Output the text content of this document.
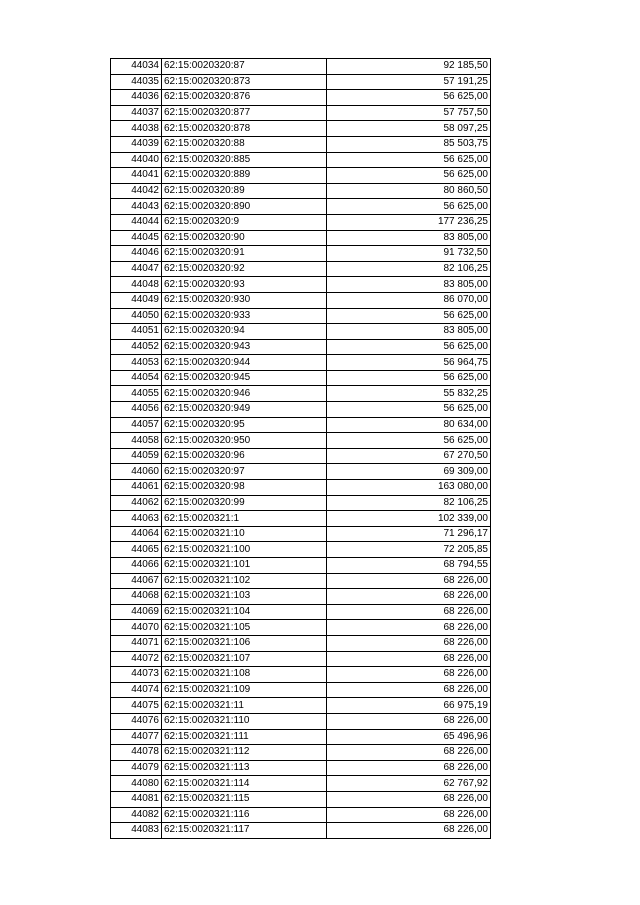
44034	62:15:0020320:87	92 185,50
44035	62:15:0020320:873	57 191,25
44036	62:15:0020320:876	56 625,00
44037	62:15:0020320:877	57 757,50
44038	62:15:0020320:878	58 097,25
44039	62:15:0020320:88	85 503,75
44040	62:15:0020320:885	56 625,00
44041	62:15:0020320:889	56 625,00
44042	62:15:0020320:89	80 860,50
44043	62:15:0020320:890	56 625,00
44044	62:15:0020320:9	177 236,25
44045	62:15:0020320:90	83 805,00
44046	62:15:0020320:91	91 732,50
44047	62:15:0020320:92	82 106,25
44048	62:15:0020320:93	83 805,00
44049	62:15:0020320:930	86 070,00
44050	62:15:0020320:933	56 625,00
44051	62:15:0020320:94	83 805,00
44052	62:15:0020320:943	56 625,00
44053	62:15:0020320:944	56 964,75
44054	62:15:0020320:945	56 625,00
44055	62:15:0020320:946	55 832,25
44056	62:15:0020320:949	56 625,00
44057	62:15:0020320:95	80 634,00
44058	62:15:0020320:950	56 625,00
44059	62:15:0020320:96	67 270,50
44060	62:15:0020320:97	69 309,00
44061	62:15:0020320:98	163 080,00
44062	62:15:0020320:99	82 106,25
44063	62:15:0020321:1	102 339,00
44064	62:15:0020321:10	71 296,17
44065	62:15:0020321:100	72 205,85
44066	62:15:0020321:101	68 794,55
44067	62:15:0020321:102	68 226,00
44068	62:15:0020321:103	68 226,00
44069	62:15:0020321:104	68 226,00
44070	62:15:0020321:105	68 226,00
44071	62:15:0020321:106	68 226,00
44072	62:15:0020321:107	68 226,00
44073	62:15:0020321:108	68 226,00
44074	62:15:0020321:109	68 226,00
44075	62:15:0020321:11	66 975,19
44076	62:15:0020321:110	68 226,00
44077	62:15:0020321:111	65 496,96
44078	62:15:0020321:112	68 226,00
44079	62:15:0020321:113	68 226,00
44080	62:15:0020321:114	62 767,92
44081	62:15:0020321:115	68 226,00
44082	62:15:0020321:116	68 226,00
44083	62:15:0020321:117	68 226,00
